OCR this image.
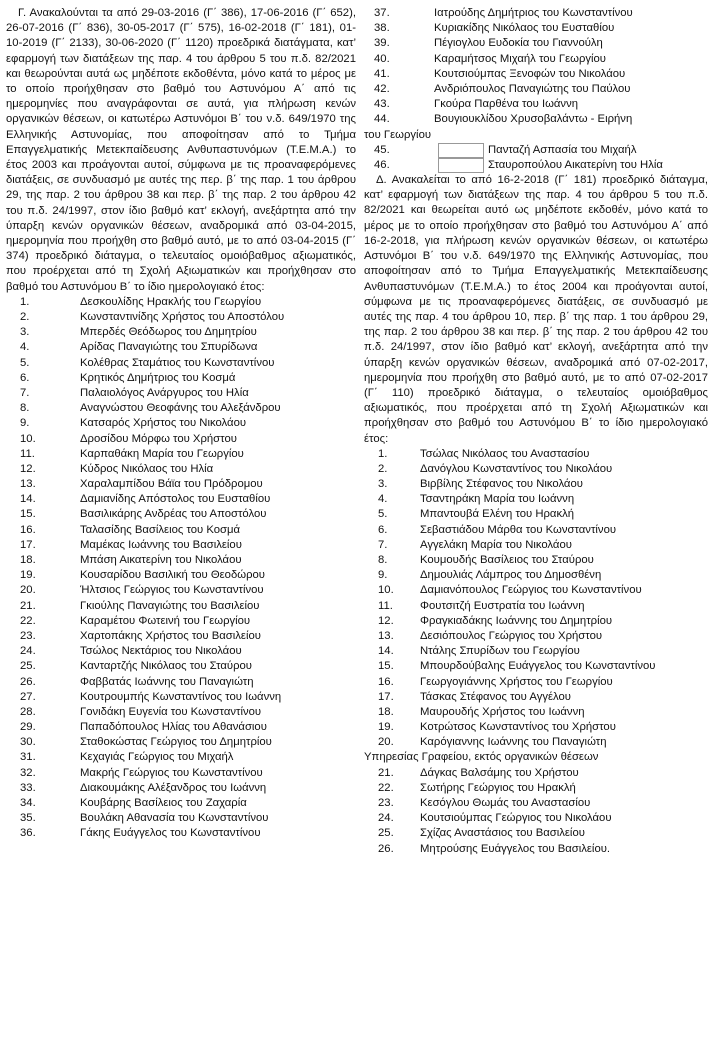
Γ. Ανακαλούνται τα από 29-03-2016 (Γ΄ 386), 17-06-2016 (Γ΄ 652), 26-07-2016 (Γ΄ 836), 30-05-2017 (Γ΄ 575), 16-02-2018 (Γ΄ 181), 01-10-2019 (Γ΄ 2133), 30-06-2020 (Γ΄ 1120) προεδρικά διατάγματα, κατ’ εφαρμογή των διατάξεων της παρ. 4 του άρθρου 5 του π.δ. 82/2021 και θεωρούνται αυτά ως μηδέποτε εκδοθέντα, μόνο κατά το μέρος με το οποίο προήχθησαν στο βαθμό του Αστυνόμου Α΄ από τις ημερομηνίες που αναγράφονται σε αυτά, για πλήρωση κενών οργανικών θέσεων, οι κατωτέρω Αστυνόμοι Β΄ του ν.δ. 649/1970 της Ελληνικής Αστυνομίας, που αποφοίτησαν από το Τμήμα Επαγγελματικής Μετεκπαίδευσης Ανθυπαστυνόμων (Τ.Ε.Μ.Α.) το έτος 2003 και προάγονται αυτοί, σύμφωνα με τις προαναφερόμενες διατάξεις, σε συνδυασμό με αυτές της περ. β΄ της παρ. 1 του άρθρου 29, της παρ. 2 του άρθρου 38 και περ. β΄ της παρ. 2 του άρθρου 42 του π.δ. 24/1997, στον ίδιο βαθμό κατ’ εκλογή, ανεξάρτητα από την ύπαρξη κενών οργανικών θέσεων, αναδρομικά από 03-04-2015, ημερομηνία που προήχθη στο βαθμό αυτό, με το από 03-04-2015 (Γ΄ 374) προεδρικό διάταγμα, ο τελευταίος ομοιόβαθμος αξιωματικός, που προέρχεται από τη Σχολή Αξιωματικών και προήχθησαν στο βαθμό του Αστυνόμου Β΄ το ίδιο ημερολογιακό έτος:
1.	Δεσκουλίδης Ηρακλής του Γεωργίου
2.	Κωνσταντινίδης Χρήστος του Αποστόλου
3.	Μπερδές Θεόδωρος του Δημητρίου
4.	Αρίδας Παναγιώτης του Σπυρίδωνα
5.	Κολέθρας Σταμάτιος του Κωνσταντίνου
6.	Κρητικός Δημήτριος του Κοσμά
7.	Παλαιολόγος Ανάργυρος του Ηλία
8.	Αναγνώστου Θεοφάνης του Αλεξάνδρου
9.	Κατσαρός Χρήστος του Νικολάου
10.	Δροσίδου Μόρφω του Χρήστου
11.	Καρπαθάκη Μαρία του Γεωργίου
12.	Κύδρος Νικόλαος του Ηλία
13.	Χαραλαμπίδου Βάϊα του Πρόδρομου
14.	Δαμιανίδης Απόστολος του Ευσταθίου
15.	Βασιλικάρης Ανδρέας του Αποστόλου
16.	Ταλασίδης Βασίλειος του Κοσμά
17.	Μαμέκας Ιωάννης του Βασιλείου
18.	Μπάση Αικατερίνη του Νικολάου
19.	Κουσαρίδου Βασιλική του Θεοδώρου
20.	Ήλτσιος Γεώργιος του Κωνσταντίνου
21.	Γκιούλης Παναγιώτης του Βασιλείου
22.	Καραμέτου Φωτεινή του Γεωργίου
23.	Χαρτοπάκης Χρήστος του Βασιλείου
24.	Τσώλος Νεκτάριος του Νικολάου
25.	Κανταρτζής Νικόλαος του Σταύρου
26.	Φαββατάς Ιωάννης του Παναγιώτη
27.	Κουτρουμπής Κωνσταντίνος του Ιωάννη
28.	Γονιδάκη Ευγενία του Κωνσταντίνου
29.	Παπαδόπουλος Ηλίας του Αθανάσιου
30.	Σταθοκώστας Γεώργιος του Δημητρίου
31.	Κεχαγιάς Γεώργιος του Μιχαήλ
32.	Μακρής Γεώργιος του Κωνσταντίνου
33.	Διακουμάκης Αλέξανδρος του Ιωάννη
34.	Κουβάρης Βασίλειος του Ζαχαρία
35.	Βουλάκη Αθανασία του Κωνσταντίνου
36.	Γάκης Ευάγγελος του Κωνσταντίνου
37.	Ιατρούδης Δημήτριος του Κωνσταντίνου
38.	Κυριακίδης Νικόλαος του Ευσταθίου
39.	Πέγιογλου Ευδοκία του Γιαννούλη
40.	Καραμήτσος Μιχαήλ του Γεωργίου
41.	Κουτσιούμπας Ξενοφών του Νικολάου
42.	Ανδριόπουλος Παναγιώτης του Παύλου
43.	Γκούρα Παρθένα του Ιωάννη
44.	Βουγιουκλίδου Χρυσοβαλάντω - Ειρήνη
του Γεωργίου
45.	Πανταζή Ασπασία του Μιχαήλ
46.	Σταυροπούλου Αικατερίνη του Ηλία
Δ. Ανακαλείται το από 16-2-2018 (Γ΄ 181) προεδρικό διάταγμα, κατ’ εφαρμογή των διατάξεων της παρ. 4 του άρθρου 5 του π.δ. 82/2021 και θεωρείται αυτό ως μηδέποτε εκδοθέν, μόνο κατά το μέρος με το οποίο προήχθησαν στο βαθμό του Αστυνόμου Α΄ από 16-2-2018, για πλήρωση κενών οργανικών θέσεων, οι κατωτέρω Αστυνόμοι Β΄ του ν.δ. 649/1970 της Ελληνικής Αστυνομίας, που αποφοίτησαν από το Τμήμα Επαγγελματικής Μετεκπαίδευσης Ανθυπαστυνόμων (Τ.Ε.Μ.Α.) το έτος 2004 και προάγονται αυτοί, σύμφωνα με τις προαναφερόμενες διατάξεις, σε συνδυασμό με αυτές της παρ. 4 του άρθρου 10, περ. β΄ της παρ. 1 του άρθρου 29, της παρ. 2 του άρθρου 38 και περ. β΄ της παρ. 2 του άρθρου 42 του π.δ. 24/1997, στον ίδιο βαθμό κατ’ εκλογή, ανεξάρτητα από την ύπαρξη κενών οργανικών θέσεων, αναδρομικά από 07-02-2017, ημερομηνία που προήχθη στο βαθμό αυτό, με το από 07-02-2017 (Γ΄ 110) προεδρικό διάταγμα, ο τελευταίος ομοιόβαθμος αξιωματικός, που προέρχεται από τη Σχολή Αξιωματικών και προήχθησαν στο βαθμό του Αστυνόμου Β΄ το ίδιο ημερολογιακό έτος:
1.	Τσώλας Νικόλαος του Αναστασίου
2.	Δανόγλου Κωνσταντίνος του Νικολάου
3.	Βιρβίλης Στέφανος του Νικολάου
4.	Τσαντηράκη Μαρία του Ιωάννη
5.	Μπαντουβά Ελένη του Ηρακλή
6.	Σεβαστιάδου Μάρθα του Κωνσταντίνου
7.	Αγγελάκη Μαρία του Νικολάου
8.	Κουμουδής Βασίλειος του Σταύρου
9.	Δημουλιάς Λάμπρος του Δημοσθένη
10.	Δαμιανόπουλος Γεώργιος του Κωνσταντίνου
11.	Φουτσιτζή Ευστρατία του Ιωάννη
12.	Φραγκιαδάκης Ιωάννης του Δημητρίου
13.	Δεσιόπουλος Γεώργιος του Χρήστου
14.	Ντάλης Σπυρίδων του Γεωργίου
15.	Μπουρδούβαλης Ευάγγελος του Κωνσταντίνου
16.	Γεωργογιάννης Χρήστος του Γεωργίου
17.	Τάσκας Στέφανος του Αγγέλου
18.	Μαυρουδής Χρήστος του Ιωάννη
19.	Κοτρώτσος Κωνσταντίνος του Χρήστου
20.	Καρόγιαννης Ιωάννης του Παναγιώτη
Υπηρεσίας Γραφείου, εκτός οργανικών θέσεων
21.	Δάγκας Βαλσάμης του Χρήστου
22.	Σωτήρης Γεώργιος του Ηρακλή
23.	Κεσόγλου Θωμάς του Αναστασίου
24.	Κουτσιούμπας Γεώργιος του Νικολάου
25.	Σχίζας Αναστάσιος του Βασιλείου
26.	Μητρούσης Ευάγγελος του Βασιλείου.
